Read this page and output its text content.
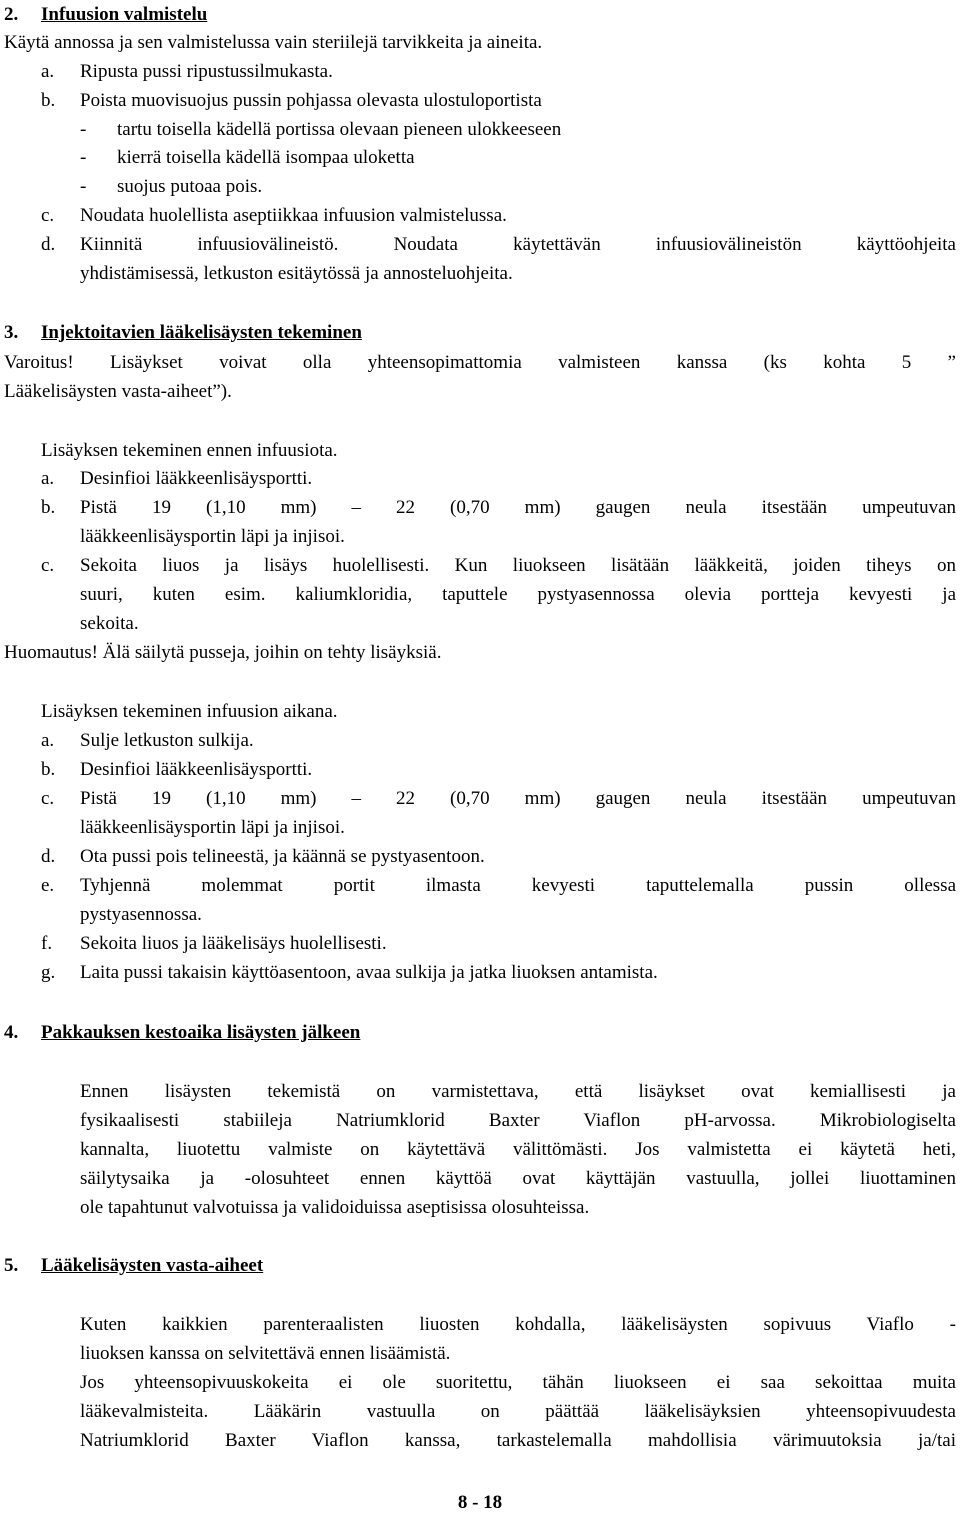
2. Infuusion valmistelu
Käytä annossa ja sen valmistelussa vain steriilejä tarvikkeita ja aineita.
a. Ripusta pussi ripustussilmukasta.
b. Poista muovisuojus pussin pohjassa olevasta ulostuloportista
- tartu toisella kädellä portissa olevaan pieneen ulokkeeseen
- kierrä toisella kädellä isompaa uloketta
- suojus putoaa pois.
c. Noudata huolellista aseptiikkaa infuusion valmistelussa.
d. Kiinnitä infuusiovälineistö. Noudata käytettävän infuusiovälineistön käyttöohjeita
yhdistämisessä, letkuston esitäytössä ja annosteluohjeita.
3. Injektoitavien lääkelisäysten tekeminen
Varoitus! Lisäykset voivat olla yhteensopimattomia valmisteen kanssa (ks kohta 5 ”
Lääkelisäysten vasta-aiheet”).
Lisäyksen tekeminen ennen infuusiota.
a. Desinfioi lääkkeenlisäysportti.
b. Pistä 19 (1,10 mm) – 22 (0,70 mm) gaugen neula itsestään umpeutuvan
lääkkeenlisäysportin läpi ja injisoi.
c. Sekoita liuos ja lisäys huolellisesti. Kun liuokseen lisätään lääkkeitä, joiden tiheys on
suuri, kuten esim. kaliumkloridia, taputtele pystyasennossa olevia portteja kevyesti ja
sekoita.
Huomautus! Älä säilytä pusseja, joihin on tehty lisäyksiä.
Lisäyksen tekeminen infuusion aikana.
a. Sulje letkuston sulkija.
b. Desinfioi lääkkeenlisäysportti.
c. Pistä 19 (1,10 mm) – 22 (0,70 mm) gaugen neula itsestään umpeutuvan
lääkkeenlisäysportin läpi ja injisoi.
d. Ota pussi pois telineestä, ja käännä se pystyasentoon.
e. Tyhjennä molemmat portit ilmasta kevyesti taputtelemalla pussin ollessa
pystyasennossa.
f. Sekoita liuos ja lääkelisäys huolellisesti.
g. Laita pussi takaisin käyttöasentoon, avaa sulkija ja jatka liuoksen antamista.
4. Pakkauksen kestoaika lisäysten jälkeen
Ennen lisäysten tekemistä on varmistettava, että lisäykset ovat kemiallisesti ja
fysikaalisesti stabiileja Natriumklorid Baxter Viaflon pH-arvossa. Mikrobiologiselta
kannalta, liuotettu valmiste on käytettävä välittömästi. Jos valmistetta ei käytetä heti,
säilytysaika ja -olosuhteet ennen käyttöä ovat käyttäjän vastuulla, jollei liuottaminen
ole tapahtunut valvotuissa ja validoiduissa aseptisissa olosuhteissa.
5. Lääkelisäysten vasta-aiheet
Kuten kaikkien parenteraalisten liuosten kohdalla, lääkelisäysten sopivuus Viaflo -
liuoksen kanssa on selvitettävä ennen lisäämistä.
Jos yhteensopivuuskokeita ei ole suoritettu, tähän liuokseen ei saa sekoittaa muita
lääkevalmisteita. Lääkärin vastuulla on päättää lääkelisäyksien yhteensopivuudesta
Natriumklorid Baxter Viaflon kanssa, tarkastelemalla mahdollisia värimuutoksia ja/tai
8 - 18
